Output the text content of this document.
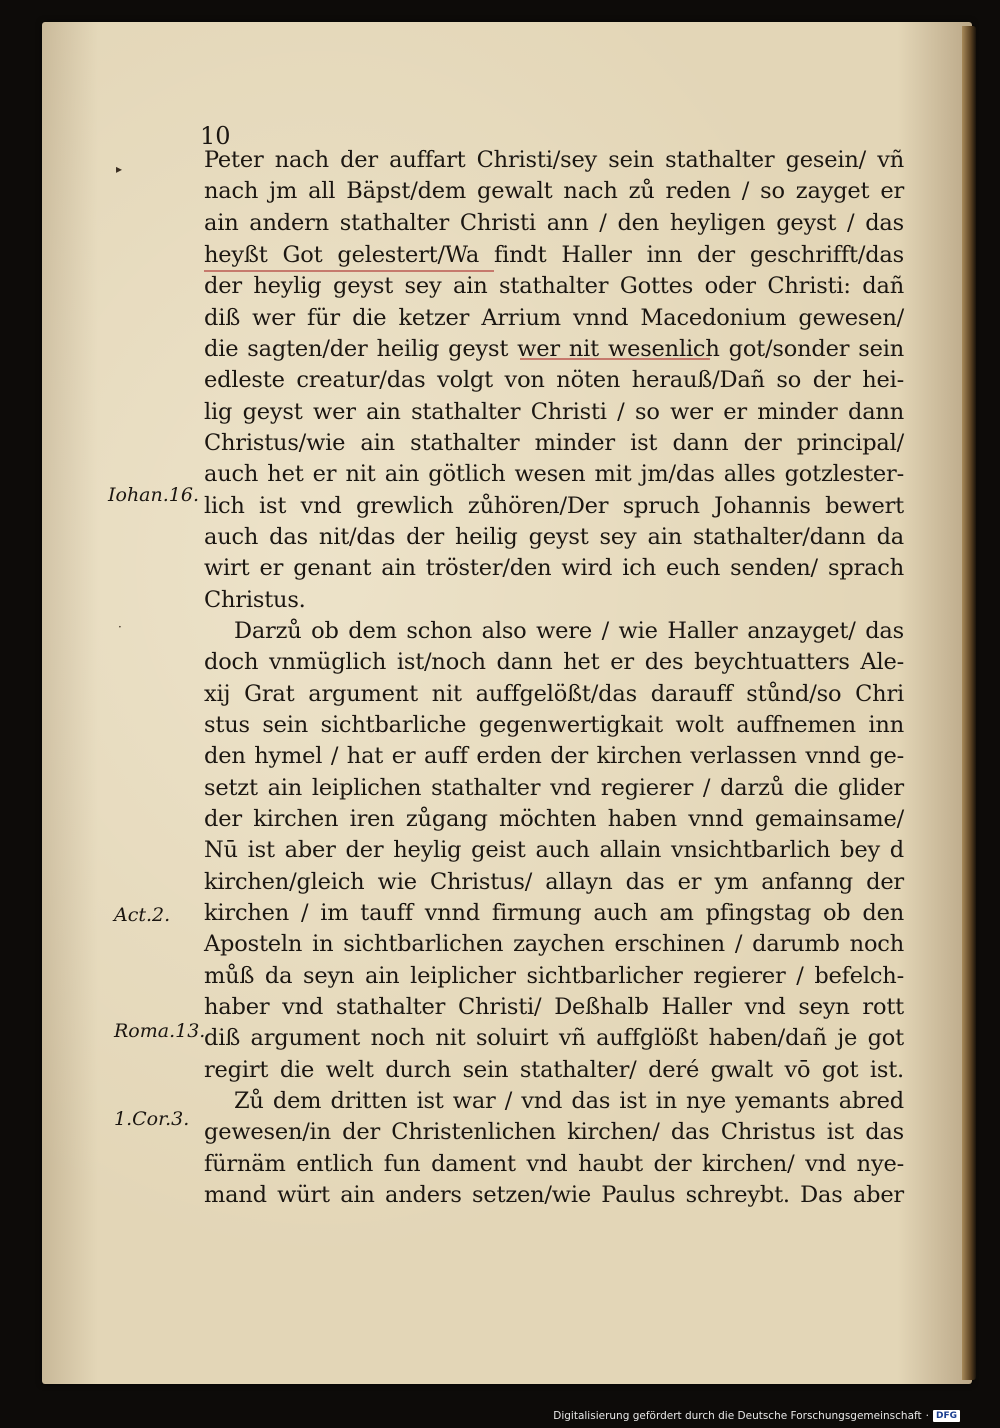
10
▸
·
Iohan.16.
Act.2.
Roma.13.
1.Cor.3.
Peter nach der auffart Christi/sey sein stathalter gesein/ vñ
nach jm all Bäpst/dem gewalt nach zů reden / so zayget er
ain andern stathalter Christi ann / den heyligen geyst / das
heyßt Got gelestert/Wa findt Haller inn der geschrifft/das
der heylig geyst sey ain stathalter Gottes oder Christi: dañ
diß wer für die ketzer Arrium vnnd Macedonium gewesen/
die sagten/der heilig geyst wer nit wesenlich got/sonder sein
edleste creatur/das volgt von nöten herauß/Dañ so der hei-
lig geyst wer ain stathalter Christi / so wer er minder dann
Christus/wie ain stathalter minder ist dann der principal/
auch het er nit ain götlich wesen mit jm/das alles gotzlester-
lich ist vnd grewlich zůhören/Der spruch Johannis bewert
auch das nit/das der heilig geyst sey ain stathalter/dann da
wirt er genant ain tröster/den wird ich euch senden/ sprach
Christus.
Darzů ob dem schon also were / wie Haller anzayget/ das
doch vnmüglich ist/noch dann het er des beychtuatters Ale-
xij Grat argument nit auffgelößt/das darauff stůnd/so Chri
stus sein sichtbarliche gegenwertigkait wolt auffnemen inn
den hymel / hat er auff erden der kirchen verlassen vnnd ge-
setzt ain leiplichen stathalter vnd regierer / darzů die glider
der kirchen iren zůgang möchten haben vnnd gemainsame/
Nū ist aber der heylig geist auch allain vnsichtbarlich bey d
kirchen/gleich wie Christus/ allayn das er ym anfanng der
kirchen / im tauff vnnd firmung auch am pfingstag ob den
Aposteln in sichtbarlichen zaychen erschinen / darumb noch
můß da seyn ain leiplicher sichtbarlicher regierer / befelch-
haber vnd stathalter Christi/ Deßhalb Haller vnd seyn rott
diß argument noch nit soluirt vñ auffglößt haben/dañ je got
regirt die welt durch sein stathalter/ deré gwalt vō got ist.
Zů dem dritten ist war / vnd das ist in nye yemants abred
gewesen/in der Christenlichen kirchen/ das Christus ist das
fürnäm entlich fun dament vnd haubt der kirchen/ vnd nye-
mand würt ain anders setzen/wie Paulus schreybt. Das aber
Digitalisierung gefördert durch die Deutsche Forschungsgemeinschaft · DFG
